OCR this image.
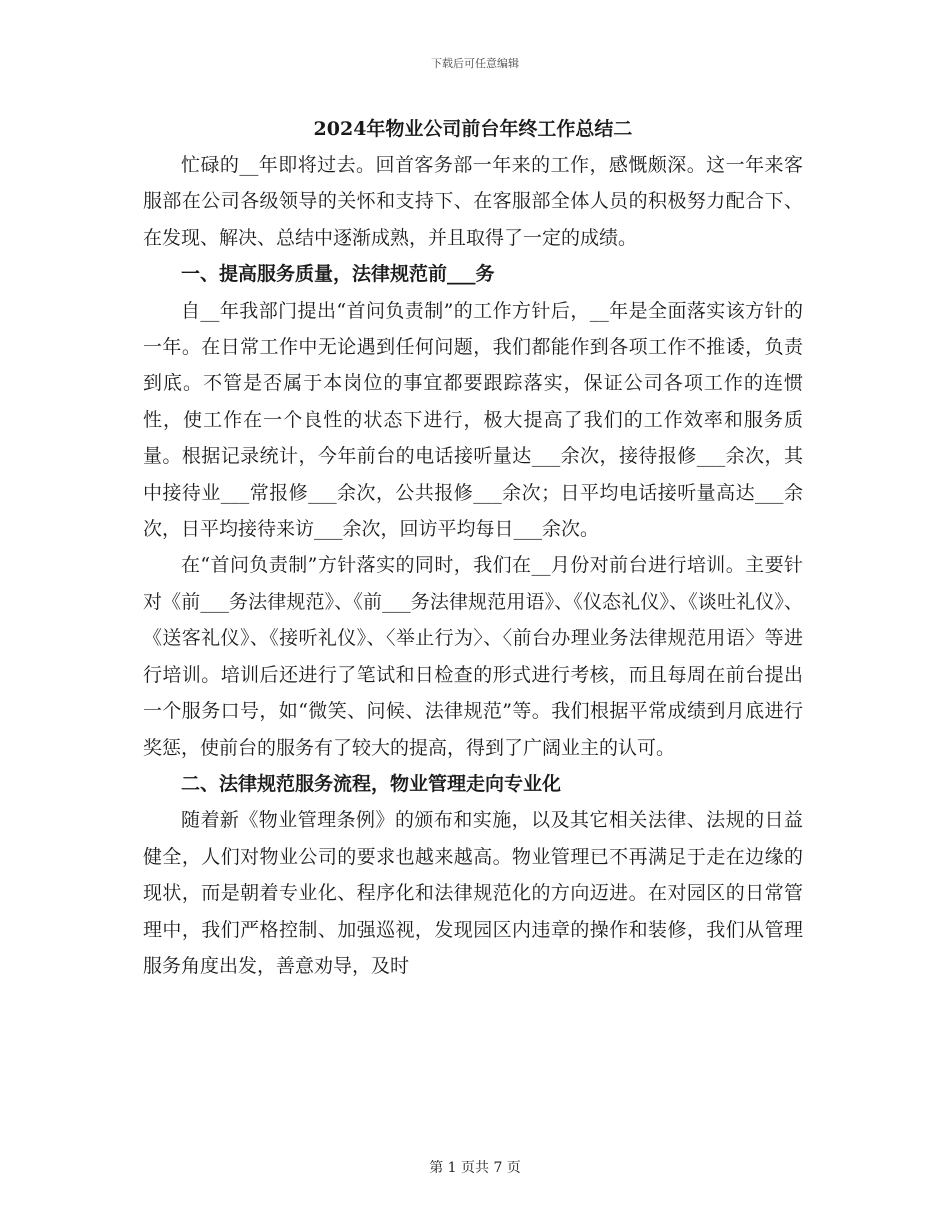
下载后可任意编辑
2024年物业公司前台年终工作总结二

忙碌的__年即将过去。回首客务部一年来的工作，感慨颇深。这一年来客服部在公司各级领导的关怀和支持下、在客服部全体人员的积极努力配合下、在发现、解决、总结中逐渐成熟，并且取得了一定的成绩。

一、提高服务质量，法律规范前___务

自__年我部门提出“首问负责制”的工作方针后，__年是全面落实该方针的一年。在日常工作中无论遇到任何问题，我们都能作到各项工作不推诿，负责到底。不管是否属于本岗位的事宜都要跟踪落实，保证公司各项工作的连惯性，使工作在一个良性的状态下进行，极大提高了我们的工作效率和服务质量。根据记录统计，今年前台的电话接听量达___余次，接待报修___余次，其中接待业___常报修___余次，公共报修___余次；日平均电话接听量高达___余次，日平均接待来访___余次，回访平均每日___余次。

在“首问负责制”方针落实的同时，我们在__月份对前台进行培训。主要针对《前___务法律规范》、《前___务法律规范用语》、《仪态礼仪》、《谈吐礼仪》、《送客礼仪》、《接听礼仪》、〈举止行为〉、〈前台办理业务法律规范用语〉等进行培训。培训后还进行了笔试和日检查的形式进行考核，而且每周在前台提出一个服务口号，如“微笑、问候、法律规范”等。我们根据平常成绩到月底进行奖惩，使前台的服务有了较大的提高，得到了广阔业主的认可。

二、法律规范服务流程，物业管理走向专业化

随着新《物业管理条例》的颁布和实施，以及其它相关法律、法规的日益健全，人们对物业公司的要求也越来越高。物业管理已不再满足于走在边缘的现状，而是朝着专业化、程序化和法律规范化的方向迈进。在对园区的日常管理中，我们严格控制、加强巡视，发现园区内违章的操作和装修，我们从管理服务角度出发，善意劝导，及时

第 1 页共 7 页
